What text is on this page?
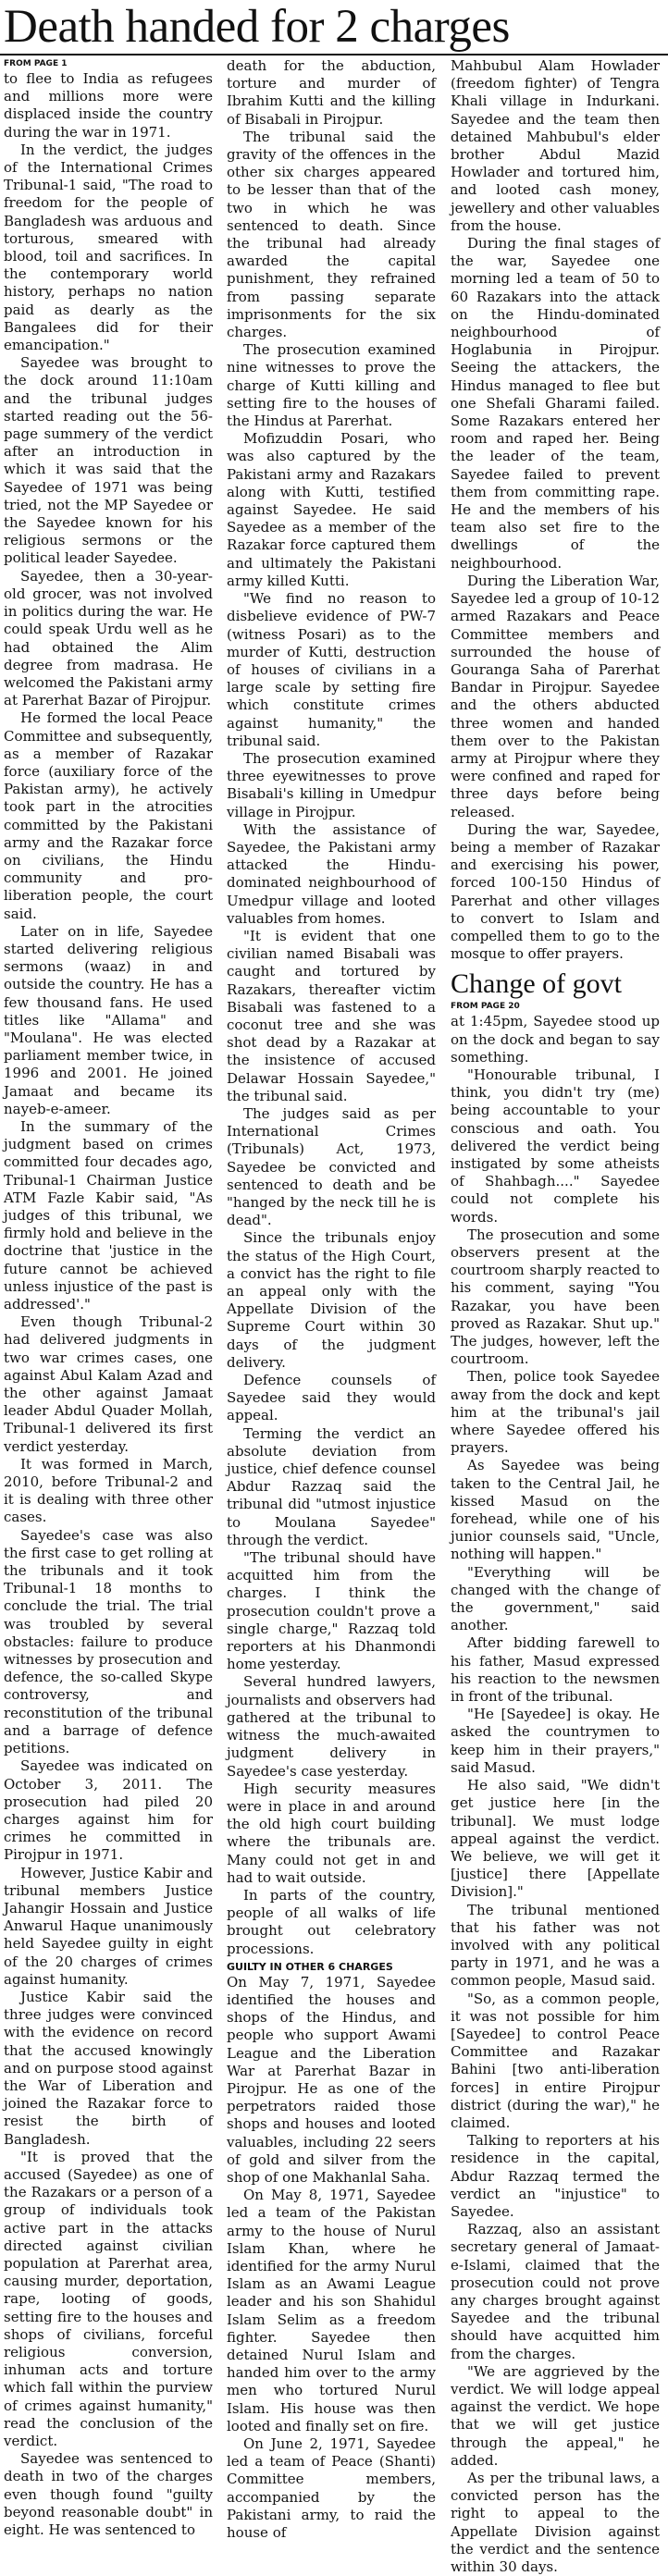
Death handed for 2 charges

FROM PAGE 1

to flee to India as refugees and millions more were displaced inside the country during the war in 1971.

In the verdict, the judges of the International Crimes Tribunal-1 said, "The road to freedom for the people of Bangladesh was arduous and torturous, smeared with blood, toil and sacrifices. In the contemporary world history, perhaps no nation paid as dearly as the Bangalees did for their emancipation."

Sayedee was brought to the dock around 11:10am and the tribunal judges started reading out the 56-page summery of the verdict after an introduction in which it was said that the Sayedee of 1971 was being tried, not the MP Sayedee or the Sayedee known for his religious sermons or the political leader Sayedee.

Sayedee, then a 30-year-old grocer, was not involved in politics during the war. He could speak Urdu well as he had obtained the Alim degree from madrasa. He welcomed the Pakistani army at Parerhat Bazar of Pirojpur.

He formed the local Peace Committee and subsequently, as a member of Razakar force (auxiliary force of the Pakistan army), he actively took part in the atrocities committed by the Pakistani army and the Razakar force on civilians, the Hindu community and pro-liberation people, the court said.

Later on in life, Sayedee started delivering religious sermons (waaz) in and outside the country. He has a few thousand fans. He used titles like "Allama" and "Moulana". He was elected parliament member twice, in 1996 and 2001. He joined Jamaat and became its nayeb-e-ameer.

In the summary of the judgment based on crimes committed four decades ago, Tribunal-1 Chairman Justice ATM Fazle Kabir said, "As judges of this tribunal, we firmly hold and believe in the doctrine that 'justice in the future cannot be achieved unless injustice of the past is addressed'."

Even though Tribunal-2 had delivered judgments in two war crimes cases, one against Abul Kalam Azad and the other against Jamaat leader Abdul Quader Mollah, Tribunal-1 delivered its first verdict yesterday.

It was formed in March, 2010, before Tribunal-2 and it is dealing with three other cases.

Sayedee's case was also the first case to get rolling at the tribunals and it took Tribunal-1 18 months to conclude the trial. The trial was troubled by several obstacles: failure to produce witnesses by prosecution and defence, the so-called Skype controversy, and reconstitution of the tribunal and a barrage of defence petitions.

Sayedee was indicated on October 3, 2011. The prosecution had piled 20 charges against him for crimes he committed in Pirojpur in 1971.

However, Justice Kabir and tribunal members Justice Jahangir Hossain and Justice Anwarul Haque unanimously held Sayedee guilty in eight of the 20 charges of crimes against humanity.

Justice Kabir said the three judges were convinced with the evidence on record that the accused knowingly and on purpose stood against the War of Liberation and joined the Razakar force to resist the birth of Bangladesh.

"It is proved that the accused (Sayedee) as one of the Razakars or a person of a group of individuals took active part in the attacks directed against civilian population at Parerhat area, causing murder, deportation, rape, looting of goods, setting fire to the houses and shops of civilians, forceful religious conversion, inhuman acts and torture which fall within the purview of crimes against humanity," read the conclusion of the verdict.

Sayedee was sentenced to death in two of the charges even though found "guilty beyond reasonable doubt" in eight. He was sentenced to

death for the abduction, torture and murder of Ibrahim Kutti and the killing of Bisabali in Pirojpur.

The tribunal said the gravity of the offences in the other six charges appeared to be lesser than that of the two in which he was sentenced to death. Since the tribunal had already awarded the capital punishment, they refrained from passing separate imprisonments for the six charges.

The prosecution examined nine witnesses to prove the charge of Kutti killing and setting fire to the houses of the Hindus at Parerhat.

Mofizuddin Posari, who was also captured by the Pakistani army and Razakars along with Kutti, testified against Sayedee. He said Sayedee as a member of the Razakar force captured them and ultimately the Pakistani army killed Kutti.

"We find no reason to disbelieve evidence of PW-7 (witness Posari) as to the murder of Kutti, destruction of houses of civilians in a large scale by setting fire which constitute crimes against humanity," the tribunal said.

The prosecution examined three eyewitnesses to prove Bisabali's killing in Umedpur village in Pirojpur.

With the assistance of Sayedee, the Pakistani army attacked the Hindu-dominated neighbourhood of Umedpur village and looted valuables from homes.

"It is evident that one civilian named Bisabali was caught and tortured by Razakars, thereafter victim Bisabali was fastened to a coconut tree and she was shot dead by a Razakar at the insistence of accused Delawar Hossain Sayedee," the tribunal said.

The judges said as per International Crimes (Tribunals) Act, 1973, Sayedee be convicted and sentenced to death and be "hanged by the neck till he is dead".

Since the tribunals enjoy the status of the High Court, a convict has the right to file an appeal only with the Appellate Division of the Supreme Court within 30 days of the judgment delivery.

Defence counsels of Sayedee said they would appeal.

Terming the verdict an absolute deviation from justice, chief defence counsel Abdur Razzaq said the tribunal did "utmost injustice to Moulana Sayedee" through the verdict.

"The tribunal should have acquitted him from the charges. I think the prosecution couldn't prove a single charge," Razzaq told reporters at his Dhanmondi home yesterday.

Several hundred lawyers, journalists and observers had gathered at the tribunal to witness the much-awaited judgment delivery in Sayedee's case yesterday.

High security measures were in place in and around the old high court building where the tribunals are. Many could not get in and had to wait outside.

In parts of the country, people of all walks of life brought out celebratory processions.

GUILTY IN OTHER 6 CHARGES

On May 7, 1971, Sayedee identified the houses and shops of the Hindus, and people who support Awami League and the Liberation War at Parerhat Bazar in Pirojpur. He as one of the perpetrators raided those shops and houses and looted valuables, including 22 seers of gold and silver from the shop of one Makhanlal Saha.

On May 8, 1971, Sayedee led a team of the Pakistan army to the house of Nurul Islam Khan, where he identified for the army Nurul Islam as an Awami League leader and his son Shahidul Islam Selim as a freedom fighter. Sayedee then detained Nurul Islam and handed him over to the army men who tortured Nurul Islam. His house was then looted and finally set on fire.

On June 2, 1971, Sayedee led a team of Peace (Shanti) Committee members, accompanied by the Pakistani army, to raid the house of

Mahbubul Alam Howlader (freedom fighter) of Tengra Khali village in Indurkani. Sayedee and the team then detained Mahbubul's elder brother Abdul Mazid Howlader and tortured him, and looted cash money, jewellery and other valuables from the house.

During the final stages of the war, Sayedee one morning led a team of 50 to 60 Razakars into the attack on the Hindu-dominated neighbourhood of Hoglabunia in Pirojpur. Seeing the attackers, the Hindus managed to flee but one Shefali Gharami failed. Some Razakars entered her room and raped her. Being the leader of the team, Sayedee failed to prevent them from committing rape. He and the members of his team also set fire to the dwellings of the neighbourhood.

During the Liberation War, Sayedee led a group of 10-12 armed Razakars and Peace Committee members and surrounded the house of Gouranga Saha of Parerhat Bandar in Pirojpur. Sayedee and the others abducted three women and handed them over to the Pakistan army at Pirojpur where they were confined and raped for three days before being released.

During the war, Sayedee, being a member of Razakar and exercising his power, forced 100-150 Hindus of Parerhat and other villages to convert to Islam and compelled them to go to the mosque to offer prayers.

Change of govt

FROM PAGE 20

at 1:45pm, Sayedee stood up on the dock and began to say something.

"Honourable tribunal, I think, you didn't try (me) being accountable to your conscious and oath. You delivered the verdict being instigated by some atheists of Shahbagh...." Sayedee could not complete his words.

The prosecution and some observers present at the courtroom sharply reacted to his comment, saying "You Razakar, you have been proved as Razakar. Shut up." The judges, however, left the courtroom.

Then, police took Sayedee away from the dock and kept him at the tribunal's jail where Sayedee offered his prayers.

As Sayedee was being taken to the Central Jail, he kissed Masud on the forehead, while one of his junior counsels said, "Uncle, nothing will happen."

"Everything will be changed with the change of the government," said another.

After bidding farewell to his father, Masud expressed his reaction to the newsmen in front of the tribunal.

"He [Sayedee] is okay. He asked the countrymen to keep him in their prayers," said Masud.

He also said, "We didn't get justice here [in the tribunal]. We must lodge appeal against the verdict. We believe, we will get it [justice] there [Appellate Division]."

The tribunal mentioned that his father was not involved with any political party in 1971, and he was a common people, Masud said.

"So, as a common people, it was not possible for him [Sayedee] to control Peace Committee and Razakar Bahini [two anti-liberation forces] in entire Pirojpur district (during the war)," he claimed.

Talking to reporters at his residence in the capital, Abdur Razzaq termed the verdict an "injustice" to Sayedee.

Razzaq, also an assistant secretary general of Jamaat-e-Islami, claimed that the prosecution could not prove any charges brought against Sayedee and the tribunal should have acquitted him from the charges.

"We are aggrieved by the verdict. We will lodge appeal against the verdict. We hope that we will get justice through the appeal," he added.

As per the tribunal laws, a convicted person has the right to appeal to the Appellate Division against the verdict and the sentence within 30 days.
